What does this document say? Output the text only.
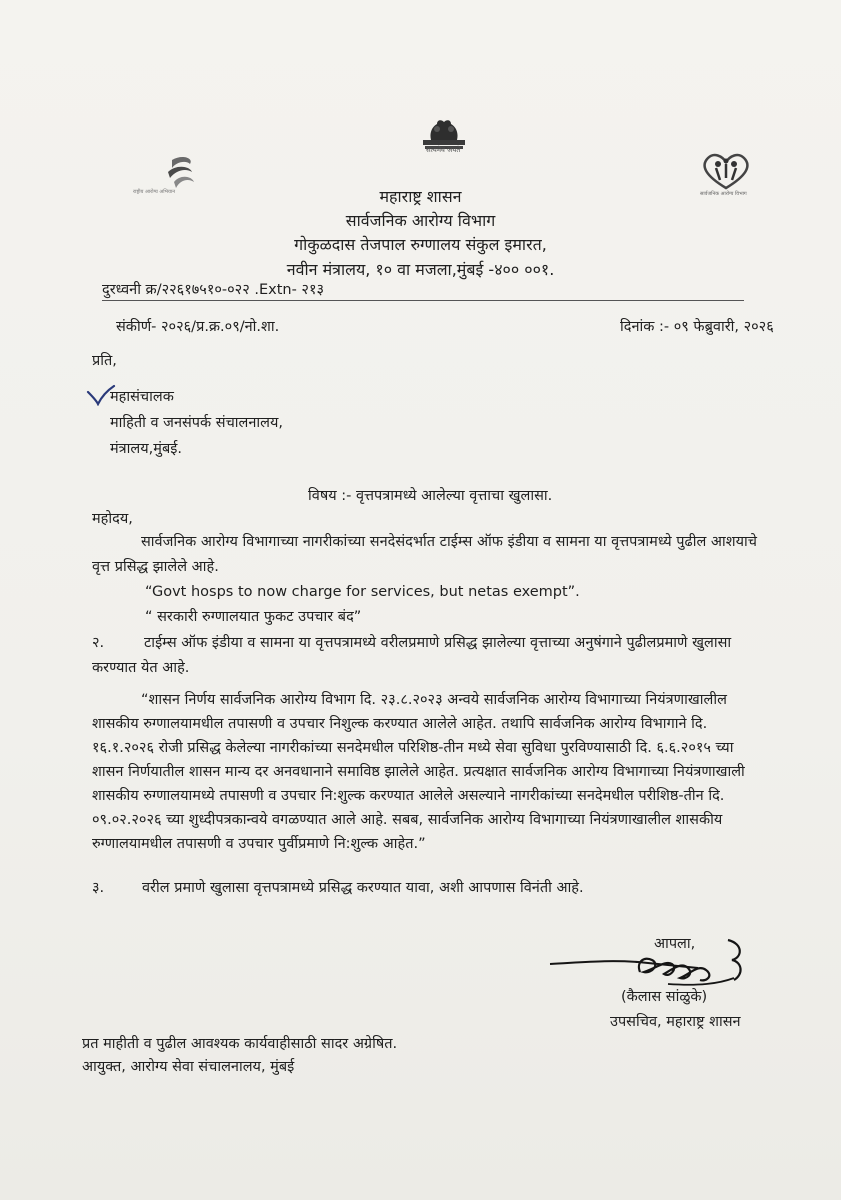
सत्यमेव जयते
राष्ट्रीय आरोग्य अभियान	सार्वजनिक आरोग्य विभाग
महाराष्ट्र शासन
सार्वजनिक आरोग्य विभाग
गोकुळदास तेजपाल रुग्णालय संकुल इमारत,
नवीन मंत्रालय, १० वा मजला,मुंबई -४०० ००१.
दुरध्वनी क्र/२२६१७५१०-०२२ .Extn- २१३
संकीर्ण- २०२६/प्र.क्र.०९/नो.शा.	दिनांक :- ०९ फेब्रुवारी, २०२६
प्रति,
महासंचालक
माहिती व जनसंपर्क संचालनालय,
मंत्रालय,मुंबई.
विषय :- वृत्तपत्रामध्ये आलेल्या वृत्ताचा खुलासा.
महोदय,
सार्वजनिक आरोग्य विभागाच्या नागरीकांच्या सनदेसंदर्भात टाईम्स ऑफ इंडीया व सामना या वृत्तपत्रामध्ये पुढील आशयाचे
वृत्त प्रसिद्ध झालेले आहे.
“Govt hosps to now charge for services, but netas exempt”.
“ सरकारी रुग्णालयात फुकट उपचार बंद”
२.	टाईम्स ऑफ इंडीया व सामना या वृत्तपत्रामध्ये वरीलप्रमाणे प्रसिद्ध झालेल्या वृत्ताच्या अनुषंगाने पुढीलप्रमाणे खुलासा
करण्यात येत आहे.
“शासन निर्णय सार्वजनिक आरोग्य विभाग दि. २३.८.२०२३ अन्वये सार्वजनिक आरोग्य विभागाच्या नियंत्रणाखालील
शासकीय रुग्णालयामधील तपासणी व उपचार निशुल्क करण्यात आलेले आहेत. तथापि सार्वजनिक आरोग्य विभागाने दि.
१६.१.२०२६ रोजी प्रसिद्ध केलेल्या नागरीकांच्या सनदेमधील परिशिष्ठ-तीन मध्ये सेवा सुविधा पुरविण्यासाठी दि. ६.६.२०१५ च्या
शासन निर्णयातील शासन मान्य दर अनवधानाने समाविष्ठ झालेले आहेत. प्रत्यक्षात सार्वजनिक आरोग्य विभागाच्या नियंत्रणाखाली
शासकीय रुग्णालयामध्ये तपासणी व उपचार नि:शुल्क करण्यात आलेले असल्याने नागरीकांच्या सनदेमधील परीशिष्ठ-तीन दि.
०९.०२.२०२६ च्या शुध्दीपत्रकान्वये वगळण्यात आले आहे. सबब, सार्वजनिक आरोग्य विभागाच्या नियंत्रणाखालील शासकीय
रुग्णालयामधील तपासणी व उपचार पुर्वीप्रमाणे नि:शुल्क आहेत.”
३.	वरील प्रमाणे खुलासा वृत्तपत्रामध्ये प्रसिद्ध करण्यात यावा, अशी आपणास विनंती आहे.
आपला,
(कैलास सांळुके)
उपसचिव, महाराष्ट्र शासन
प्रत माहीती व पुढील आवश्यक कार्यवाहीसाठी सादर अग्रेषित.
आयुक्त, आरोग्य सेवा संचालनालय, मुंबई
